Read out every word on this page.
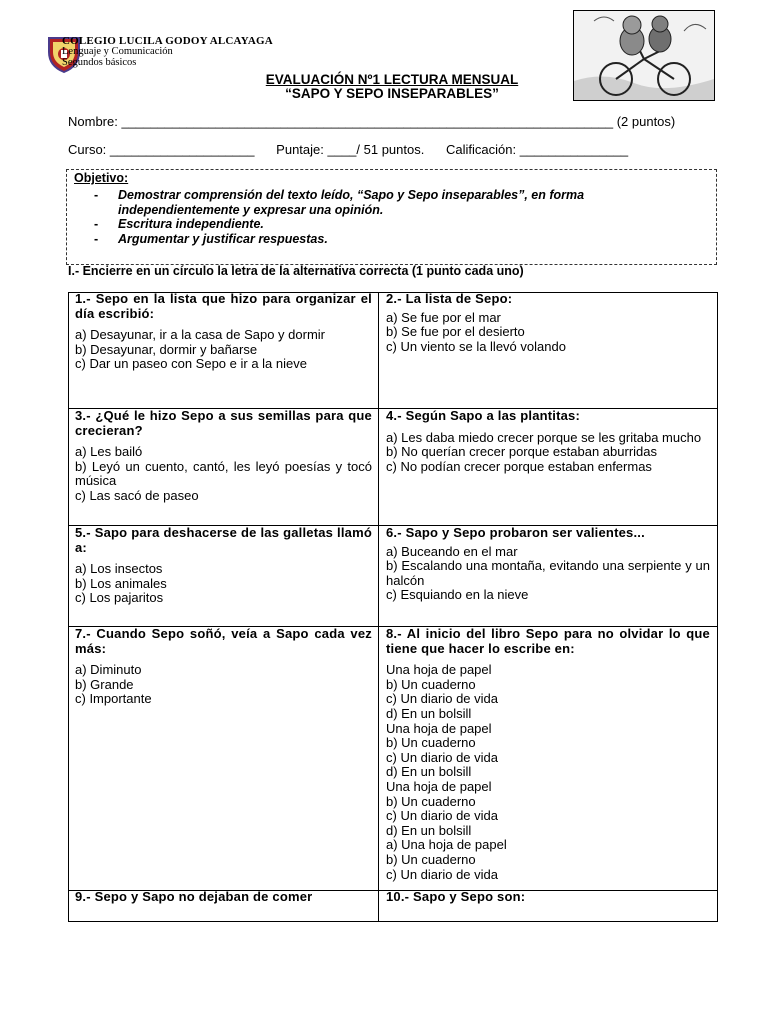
COLEGIO LUCILA GODOY ALCAYAGA
Lenguaje y Comunicación
Segundos básicos
EVALUACIÓN Nº1 LECTURA MENSUAL
“SAPO Y SEPO INSEPARABLES”
Nombre: ____________________________________________________________________ (2 puntos)
Curso: ____________________      Puntaje: ____/ 51 puntos.      Calificación: _______________
Objetivo:
- Demostrar comprensión del texto leído, “Sapo y Sepo inseparables”, en forma independientemente y expresar una opinión.
- Escritura independiente.
- Argumentar y justificar respuestas.
I.- Encierre en un círculo la letra de la alternativa correcta (1 punto cada uno)

1.- Sepo en la lista que hizo para organizar el día escribió:

a) Desayunar, ir a la casa de Sapo y dormir
b) Desayunar, dormir y bañarse
c) Dar un paseo con Sepo e ir a la nieve

2.- La lista de Sepo:

a) Se fue por el mar
b) Se fue por el desierto
c) Un viento se la llevó volando

3.- ¿Qué le hizo Sepo a sus semillas para que crecieran?

a) Les bailó
b) Leyó un cuento, cantó, les leyó poesías y tocó música
c) Las sacó de paseo

4.- Según Sapo a las plantitas:

a) Les daba miedo crecer porque se les gritaba mucho
b) No querían crecer porque estaban aburridas
c) No podían crecer porque estaban enfermas

5.- Sapo para deshacerse de las galletas llamó a:

a) Los insectos
b) Los animales
c) Los pajaritos

6.- Sapo y Sepo probaron ser valientes...

a) Buceando en el mar
b) Escalando una montaña, evitando una serpiente y un halcón
c) Esquiando en la nieve

7.- Cuando Sepo soñó, veía a Sapo cada vez más:

a) Diminuto
b) Grande
c) Importante

8.- Al inicio del libro Sepo para no olvidar lo que tiene que hacer lo escribe en:

Una hoja de papel
b) Un cuaderno
c) Un diario de vida
d) En un bolsill
Una hoja de papel
b) Un cuaderno
c) Un diario de vida
d) En un bolsill
Una hoja de papel
b) Un cuaderno
c) Un diario de vida
d) En un bolsill
a) Una hoja de papel
b) Un cuaderno
c) Un diario de vida

9.- Sepo y Sapo no dejaban de comer	10.- Sapo y Sepo son:
